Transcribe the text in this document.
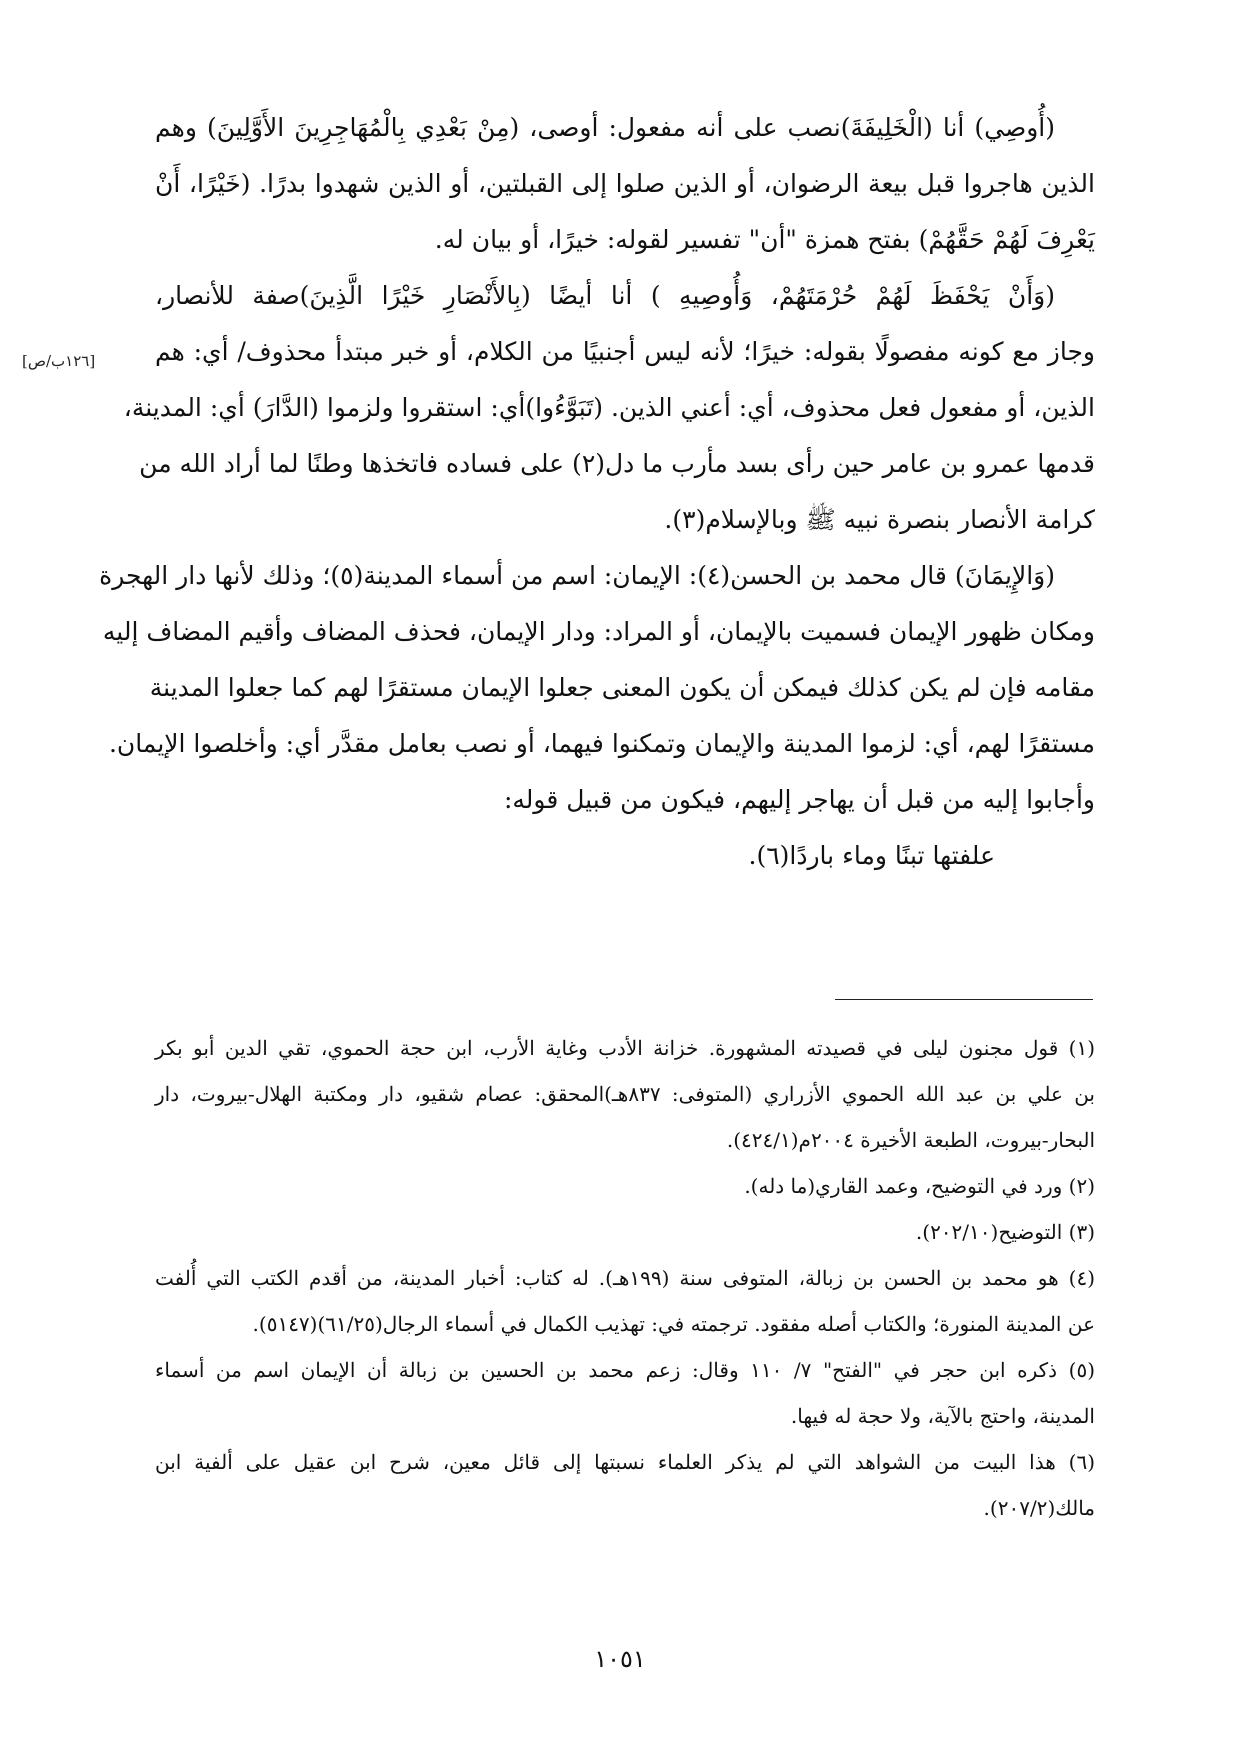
(أُوصِي) أنا (الْخَلِيفَةَ)نصب على أنه مفعول: أوصى، (مِنْ بَعْدِي بِالْمُهَاجِرِينَ الأَوَّلِينَ) وهم
الذين هاجروا قبل بيعة الرضوان، أو الذين صلوا إلى القبلتين، أو الذين شهدوا بدرًا. (خَيْرًا، أَنْ
يَعْرِفَ لَهُمْ حَقَّهُمْ) بفتح همزة "أن" تفسير لقوله: خيرًا، أو بيان له.
(وَأَنْ يَحْفَظَ لَهُمْ حُرْمَتَهُمْ، وَأُوصِيهِ ) أنا أيضًا (بِالأَنْصَارِ خَيْرًا الَّذِينَ)صفة للأنصار،
وجاز مع كونه مفصولًا بقوله: خيرًا؛ لأنه ليس أجنبيًا من الكلام، أو خبر مبتدأ محذوف/ أي: هم
الذين، أو مفعول فعل محذوف، أي: أعني الذين. (تَبَوَّءُوا)أي: استقروا ولزموا (الدَّارَ) أي: المدينة،
قدمها عمرو بن عامر حين رأى بسد مأرب ما دل(٢) على فساده فاتخذها وطنًا لما أراد الله من
كرامة الأنصار بنصرة نبيه ﷺ وبالإسلام(٣).
(وَالإِيمَانَ) قال محمد بن الحسن(٤): الإيمان: اسم من أسماء المدينة(٥)؛ وذلك لأنها دار الهجرة
ومكان ظهور الإيمان فسميت بالإيمان، أو المراد: ودار الإيمان، فحذف المضاف وأقيم المضاف إليه
مقامه فإن لم يكن كذلك فيمكن أن يكون المعنى جعلوا الإيمان مستقرًا لهم كما جعلوا المدينة
مستقرًا لهم، أي: لزموا المدينة والإيمان وتمكنوا فيهما، أو نصب بعامل مقدَّر أي: وأخلصوا الإيمان.
وأجابوا إليه من قبل أن يهاجر إليهم، فيكون من قبيل قوله:
علفتها تبنًا وماء باردًا(٦).
[١٢٦ب/ص]
(١) قول مجنون ليلى في قصيدته المشهورة. خزانة الأدب وغاية الأرب، ابن حجة الحموي، تقي الدين أبو بكر
بن علي بن عبد الله الحموي الأزراري (المتوفى: ٨٣٧هـ)المحقق: عصام شقيو، دار ومكتبة الهلال-بيروت، دار
البحار-بيروت، الطبعة الأخيرة ٢٠٠٤م(٤٢٤/١).
(٢) ورد في التوضيح، وعمد القاري(ما دله).
(٣) التوضيح(٢٠٢/١٠).
(٤) هو محمد بن الحسن بن زبالة، المتوفى سنة (١٩٩هـ). له كتاب: أخبار المدينة، من أقدم الكتب التي أُلفت
عن المدينة المنورة؛ والكتاب أصله مفقود. ترجمته في: تهذيب الكمال في أسماء الرجال(٦١/٢٥)(٥١٤٧).
(٥) ذكره ابن حجر في "الفتح" ٧/ ١١٠ وقال: زعم محمد بن الحسين بن زبالة أن الإيمان اسم من أسماء
المدينة، واحتج بالآية، ولا حجة له فيها.
(٦) هذا البيت من الشواهد التي لم يذكر العلماء نسبتها إلى قائل معين، شرح ابن عقيل على ألفية ابن
مالك(٢٠٧/٢).
١٠٥١
